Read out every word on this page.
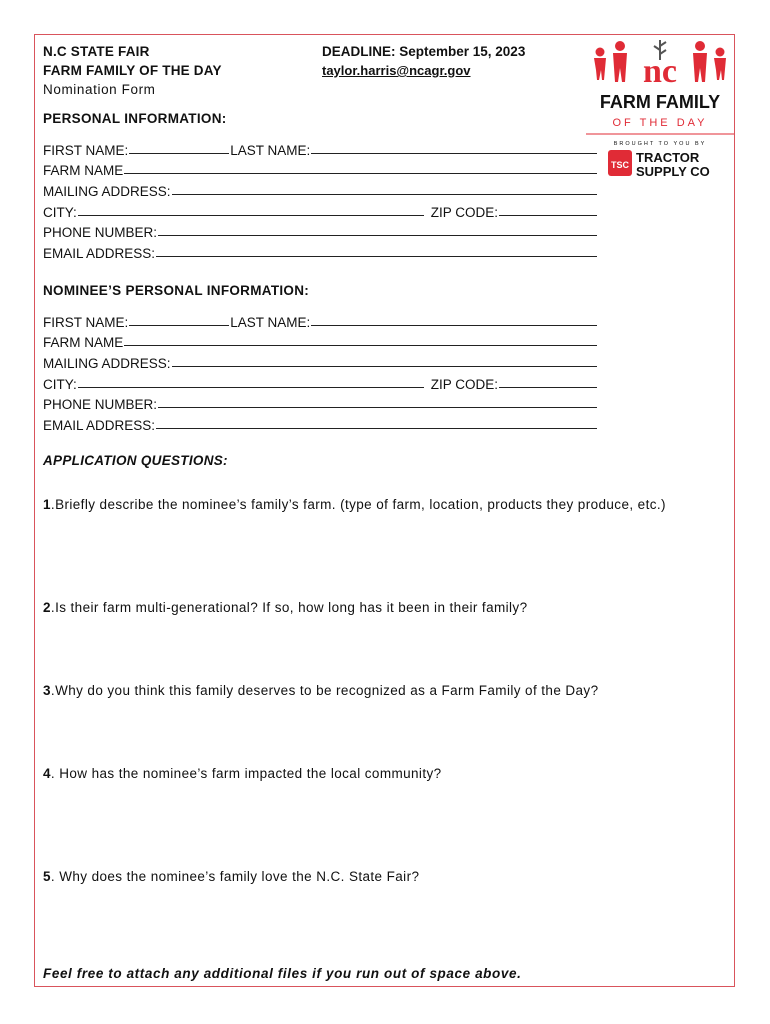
N.C STATE FAIR
FARM FAMILY OF THE DAY
Nomination Form
DEADLINE: September 15, 2023
taylor.harris@ncagr.gov	nc
FARM FAMILY
OF THE DAY
BROUGHT TO YOU BY
TSC TRACTOR
SUPPLY CO
PERSONAL INFORMATION:
FIRST NAME:	LAST NAME:
FARM NAME
MAILING ADDRESS:
CITY:	ZIP CODE:
PHONE NUMBER:
EMAIL ADDRESS:
NOMINEE’S PERSONAL INFORMATION:
FIRST NAME:	LAST NAME:
FARM NAME
MAILING ADDRESS:
CITY:	ZIP CODE:
PHONE NUMBER:
EMAIL ADDRESS:
APPLICATION QUESTIONS:
1.Briefly describe the nominee’s family’s farm. (type of farm, location, products they produce, etc.)
2.Is their farm multi-generational? If so, how long has it been in their family?
3.Why do you think this family deserves to be recognized as a Farm Family of the Day?
4. How has the nominee’s farm impacted the local community?
5. Why does the nominee’s family love the N.C. State Fair?
Feel free to attach any additional files if you run out of space above.
